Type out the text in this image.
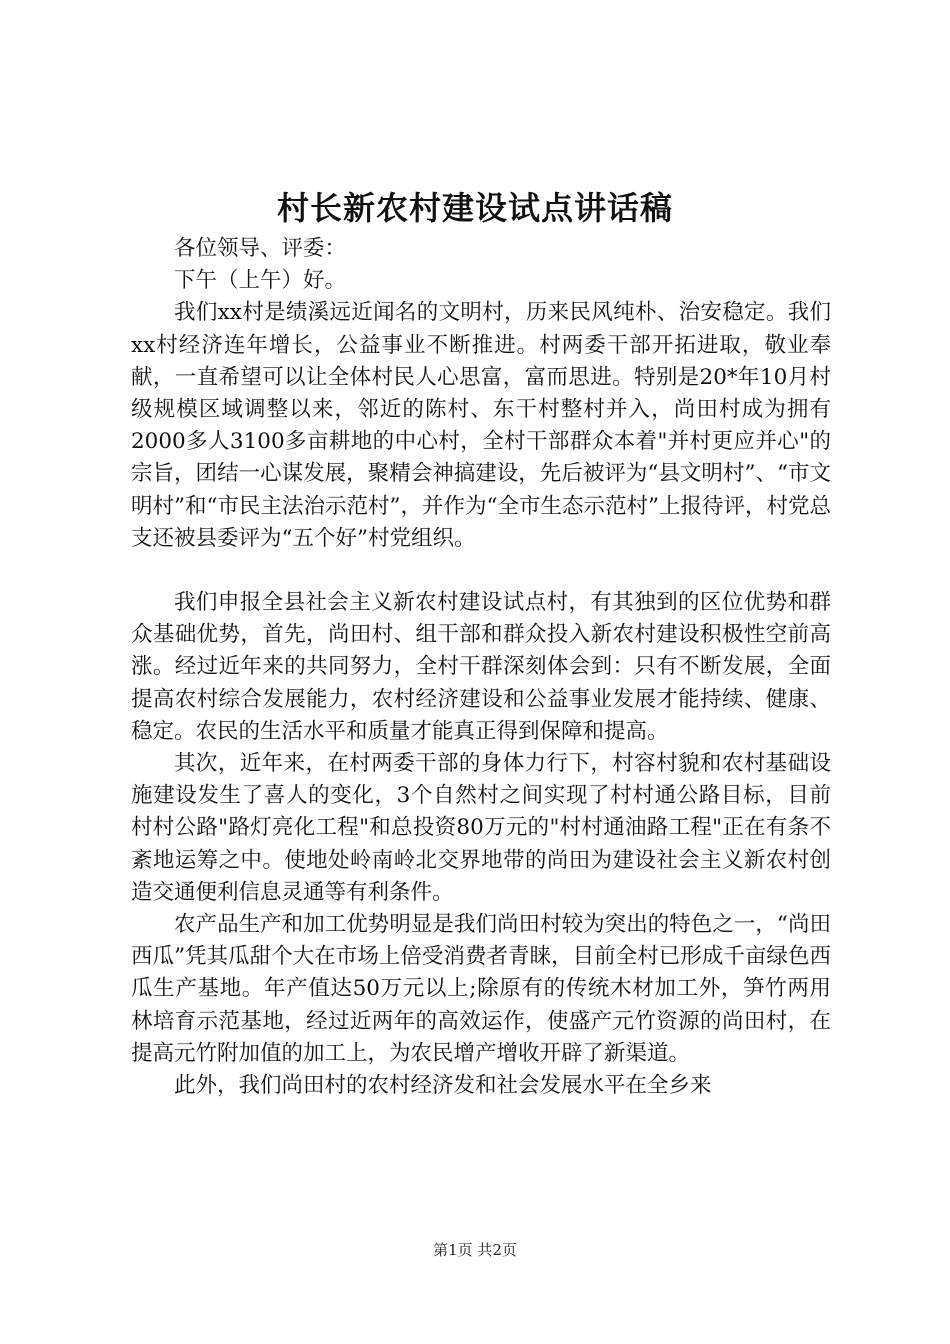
村长新农村建设试点讲话稿

各位领导、评委：

下午（上午）好。

我们xx村是绩溪远近闻名的文明村，历来民风纯朴、治安稳定。我们xx村经济连年增长，公益事业不断推进。村两委干部开拓进取，敬业奉献，一直希望可以让全体村民人心思富，富而思进。特别是20*年10月村级规模区域调整以来，邻近的陈村、东干村整村并入，尚田村成为拥有2000多人3100多亩耕地的中心村，全村干部群众本着"并村更应并心"的宗旨，团结一心谋发展，聚精会神搞建设，先后被评为“县文明村”、“市文明村”和“市民主法治示范村”，并作为“全市生态示范村”上报待评，村党总支还被县委评为“五个好”村党组织。

我们申报全县社会主义新农村建设试点村，有其独到的区位优势和群众基础优势，首先，尚田村、组干部和群众投入新农村建设积极性空前高涨。经过近年来的共同努力，全村干群深刻体会到：只有不断发展，全面提高农村综合发展能力，农村经济建设和公益事业发展才能持续、健康、稳定。农民的生活水平和质量才能真正得到保障和提高。

其次，近年来，在村两委干部的身体力行下，村容村貌和农村基础设施建设发生了喜人的变化，3个自然村之间实现了村村通公路目标，目前村村公路"路灯亮化工程"和总投资80万元的"村村通油路工程"正在有条不紊地运筹之中。使地处岭南岭北交界地带的尚田为建设社会主义新农村创造交通便利信息灵通等有利条件。

农产品生产和加工优势明显是我们尚田村较为突出的特色之一，“尚田西瓜”凭其瓜甜个大在市场上倍受消费者青睐，目前全村已形成千亩绿色西瓜生产基地。年产值达50万元以上;除原有的传统木材加工外，笋竹两用林培育示范基地，经过近两年的高效运作，使盛产元竹资源的尚田村，在提高元竹附加值的加工上，为农民增产增收开辟了新渠道。

此外，我们尚田村的农村经济发和社会发展水平在全乡来

第1页 共2页
